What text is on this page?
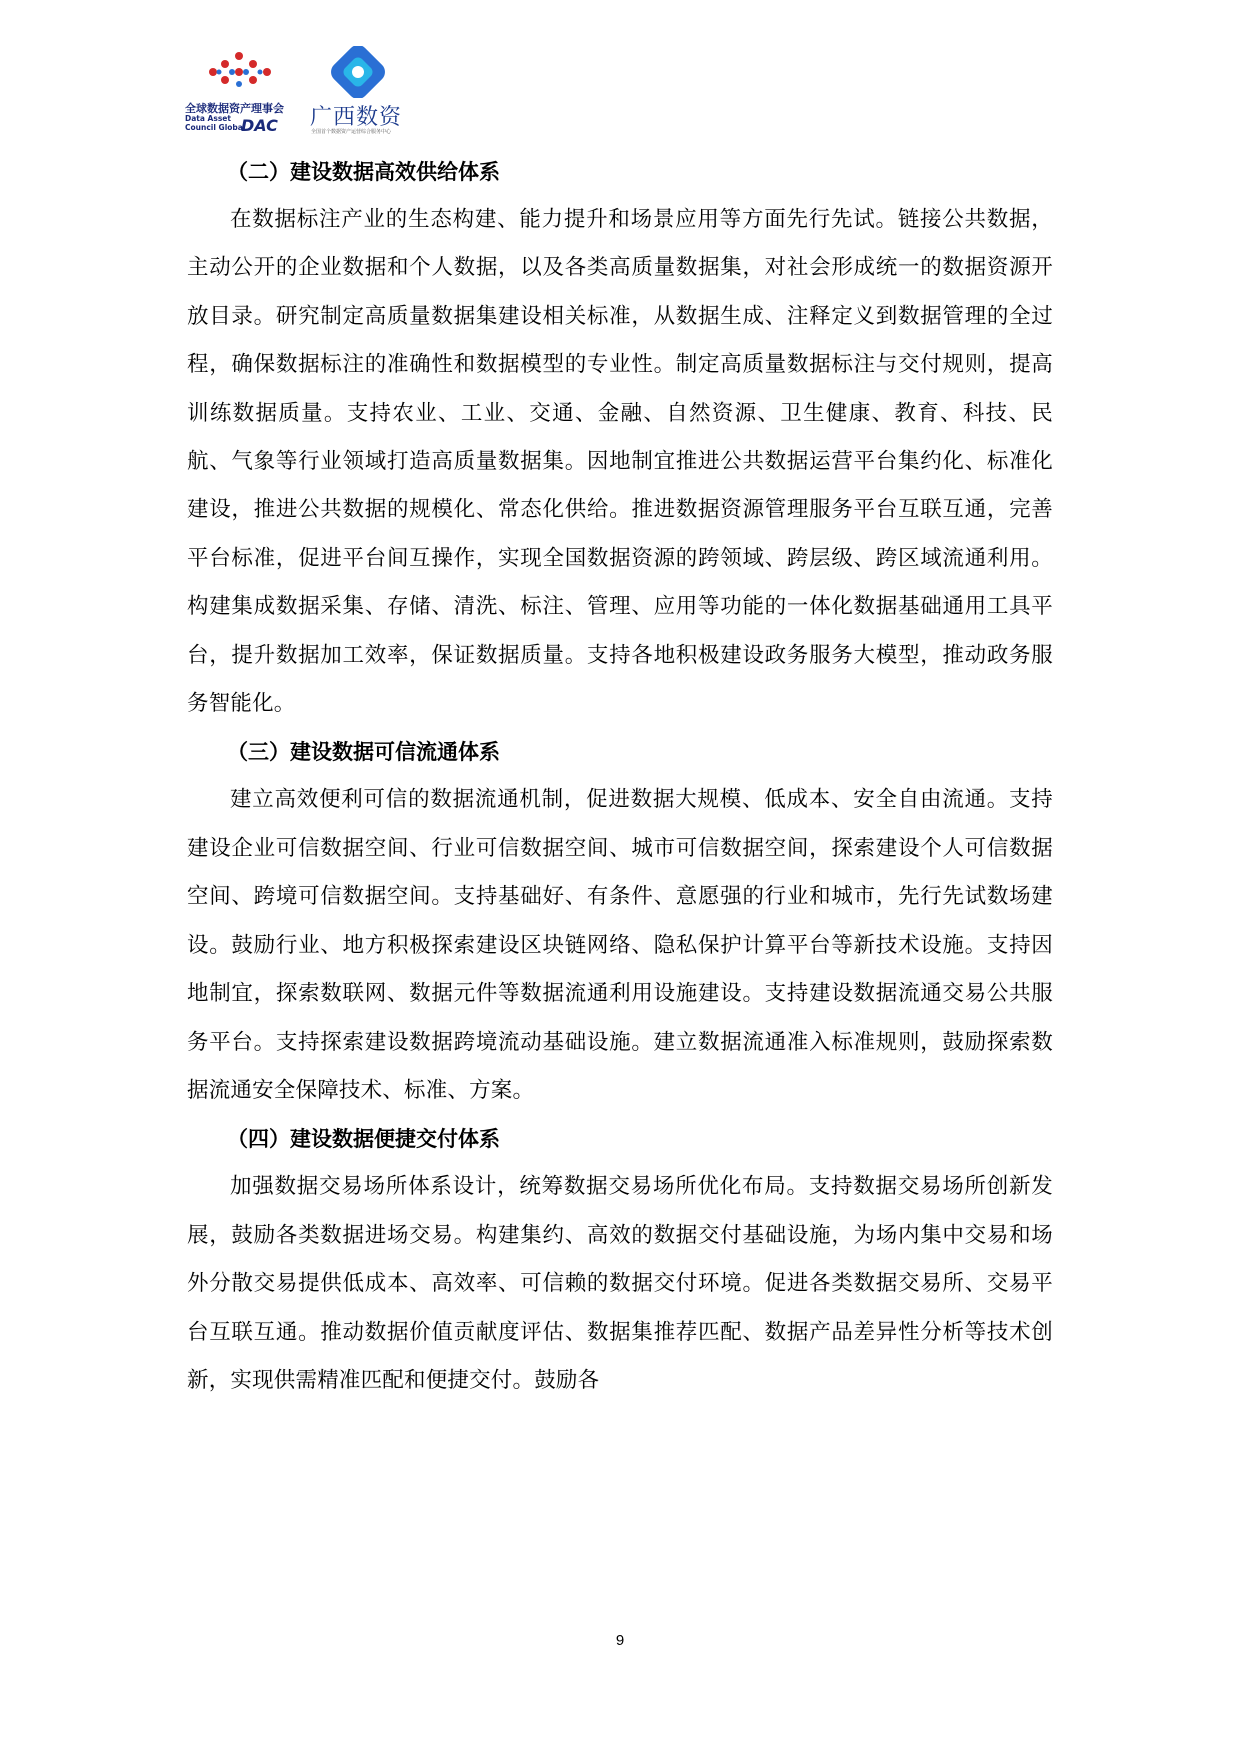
全球数据资产理事会
Data Asset Council Global
DAC 广西数资
全国首个数据资产运营综合服务中心
（二）建设数据高效供给体系

在数据标注产业的生态构建、能力提升和场景应用等方面先行先试。链接公共数据，主动公开的企业数据和个人数据，以及各类高质量数据集，对社会形成统一的数据资源开放目录。研究制定高质量数据集建设相关标准，从数据生成、注释定义到数据管理的全过程，确保数据标注的准确性和数据模型的专业性。制定高质量数据标注与交付规则，提高训练数据质量。支持农业、工业、交通、金融、自然资源、卫生健康、教育、科技、民航、气象等行业领域打造高质量数据集。因地制宜推进公共数据运营平台集约化、标准化建设，推进公共数据的规模化、常态化供给。推进数据资源管理服务平台互联互通，完善平台标准，促进平台间互操作，实现全国数据资源的跨领域、跨层级、跨区域流通利用。构建集成数据采集、存储、清洗、标注、管理、应用等功能的一体化数据基础通用工具平台，提升数据加工效率，保证数据质量。支持各地积极建设政务服务大模型，推动政务服务智能化。

（三）建设数据可信流通体系

建立高效便利可信的数据流通机制，促进数据大规模、低成本、安全自由流通。支持建设企业可信数据空间、行业可信数据空间、城市可信数据空间，探索建设个人可信数据空间、跨境可信数据空间。支持基础好、有条件、意愿强的行业和城市，先行先试数场建设。鼓励行业、地方积极探索建设区块链网络、隐私保护计算平台等新技术设施。支持因地制宜，探索数联网、数据元件等数据流通利用设施建设。支持建设数据流通交易公共服务平台。支持探索建设数据跨境流动基础设施。建立数据流通准入标准规则，鼓励探索数据流通安全保障技术、标准、方案。

（四）建设数据便捷交付体系

加强数据交易场所体系设计，统筹数据交易场所优化布局。支持数据交易场所创新发展，鼓励各类数据进场交易。构建集约、高效的数据交付基础设施，为场内集中交易和场外分散交易提供低成本、高效率、可信赖的数据交付环境。促进各类数据交易所、交易平台互联互通。推动数据价值贡献度评估、数据集推荐匹配、数据产品差异性分析等技术创新，实现供需精准匹配和便捷交付。鼓励各

9
